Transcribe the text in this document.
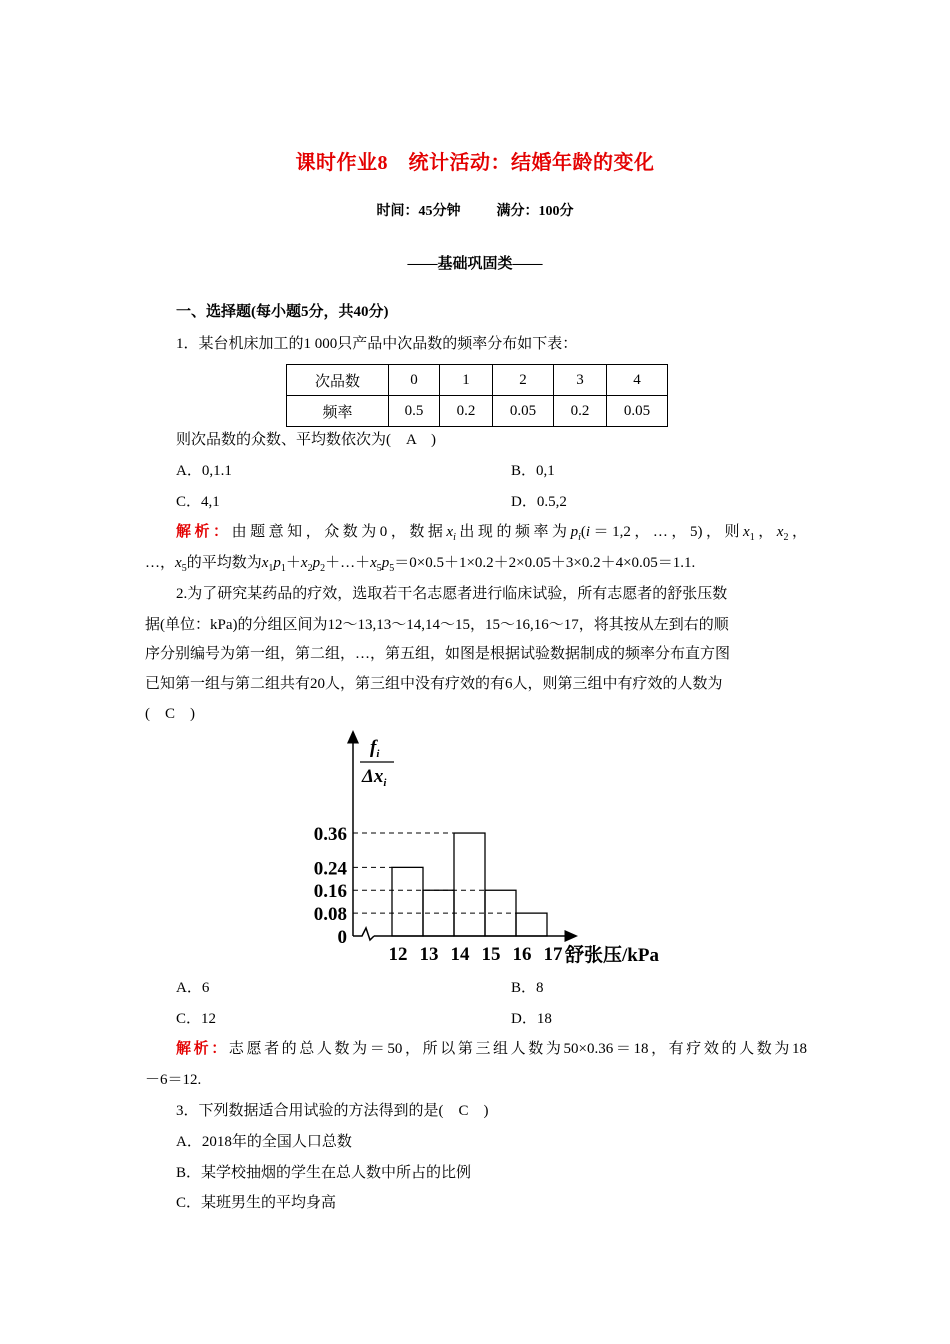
课时作业8　统计活动：结婚年龄的变化
时间：45分钟	满分：100分
——基础巩固类——
一、选择题(每小题5分，共40分)
1．某台机床加工的1 000只产品中次品数的频率分布如下表：
次品数	0	1	2	3	4
频率	0.5	0.2	0.05	0.2	0.05
则次品数的众数、平均数依次为(　A　)
A．0,1.1	B．0,1
C．4,1	D．0.5,2
解析：由题意知，众数为0，数据$x_i$出现的频率为$p_i(i=1,2$，…，5)，则$x_1$，$x_2$，
…，$x_5$的平均数为$x_1p_1+x_2p_2+\dots+x_5p_5=0\times 0.5+1\times 0.2+2\times 0.05+3\times 0.2+4\times 0.05=1.1$.
2.为了研究某药品的疗效，选取若干名志愿者进行临床试验，所有志愿者的舒张压数
据(单位：kPa)的分组区间为12～13,13～14,14～15，15～16,16～17，将其按从左到右的顺
序分别编号为第一组，第二组，…，第五组，如图是根据试验数据制成的频率分布直方图
已知第一组与第二组共有20人，第三组中没有疗效的有6人，则第三组中有疗效的人数为
(　C　)
0
0.08
0.16
0.24
0.36
12 13 14 15 16 17
$f_i$
$\Delta x_i$
舒张压/kPa
A．6	B．8
C．12	D．18
解析：志愿者的总人数为＝50，所以第三组人数为50×0.36＝18，有疗效的人数为18
－6＝12.
3．下列数据适合用试验的方法得到的是(　C　)
A．2018年的全国人口总数
B．某学校抽烟的学生在总人数中所占的比例
C．某班男生的平均身高
